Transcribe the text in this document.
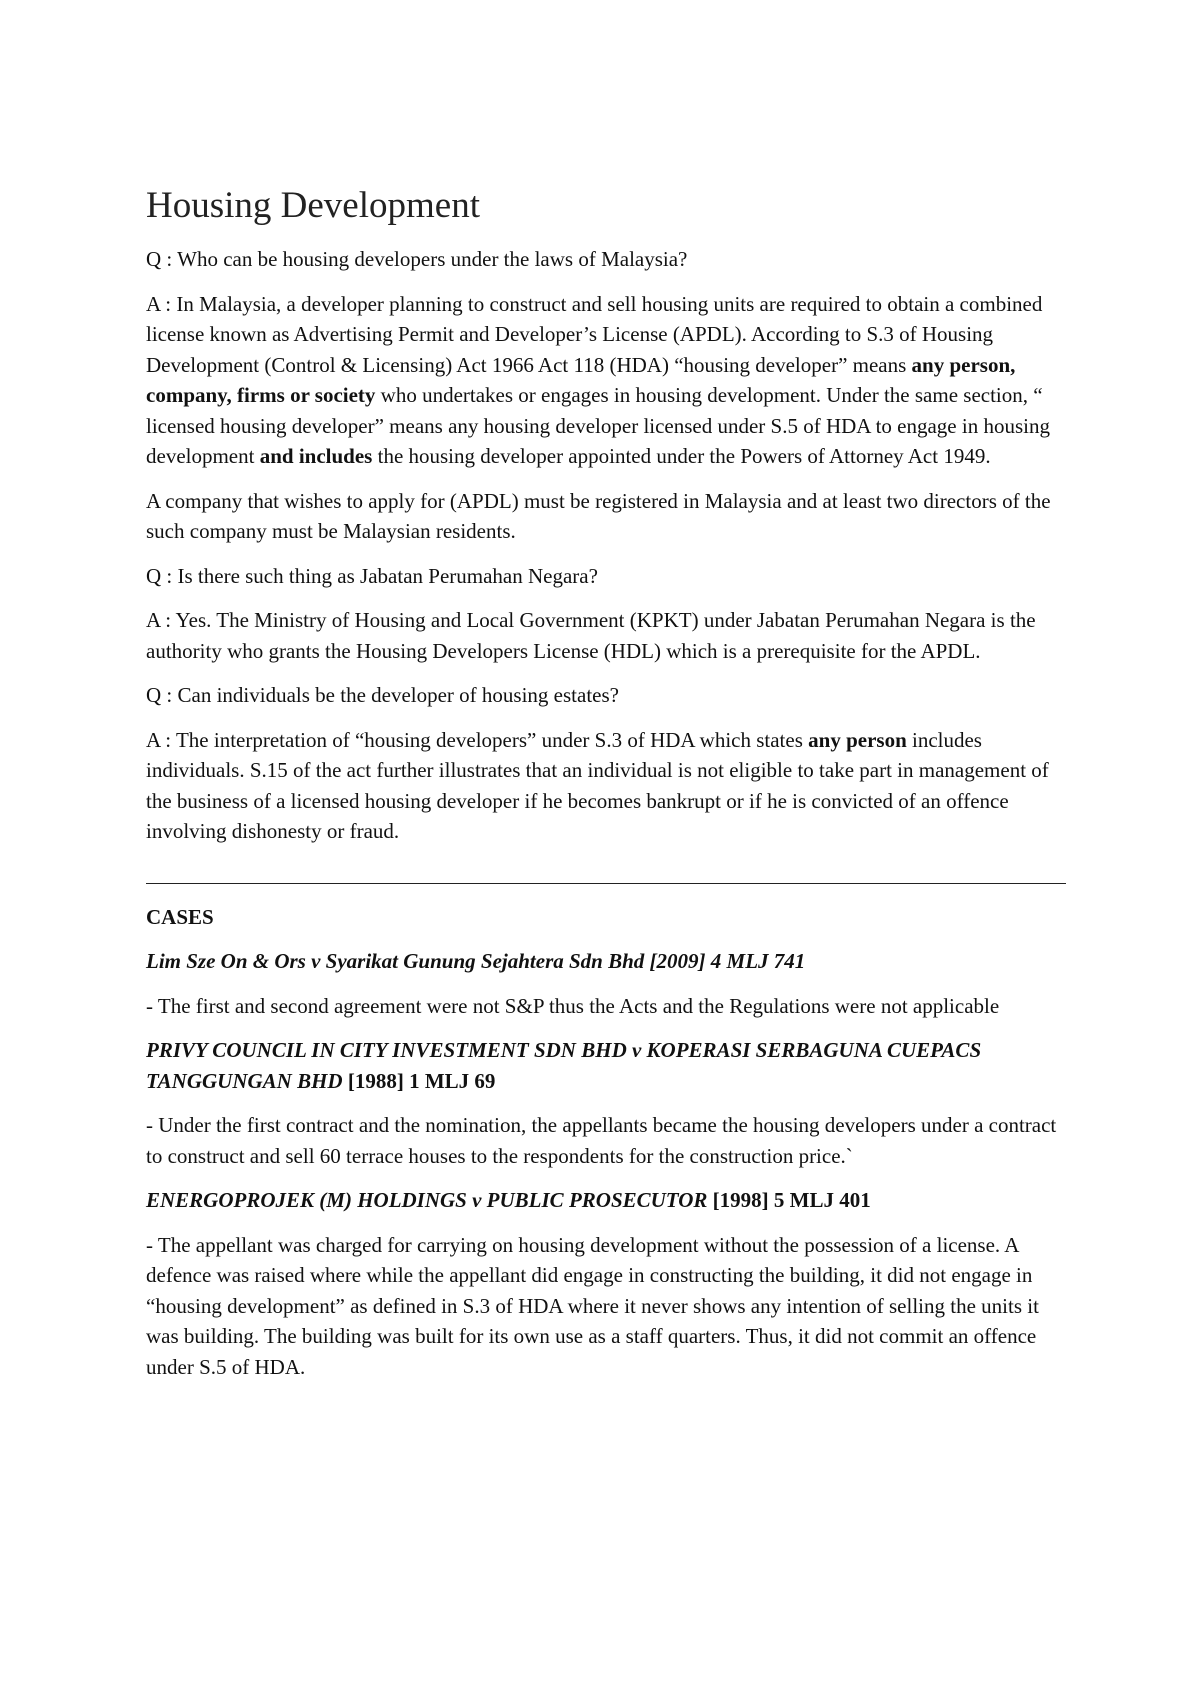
Housing Development

Q : Who can be housing developers under the laws of Malaysia?

A : In Malaysia, a developer planning to construct and sell housing units are required to obtain a combined license known as Advertising Permit and Developer’s License (APDL). According to S.3 of Housing Development (Control & Licensing) Act 1966 Act 118 (HDA) “housing developer” means any person, company, firms or society who undertakes or engages in housing development. Under the same section, “ licensed housing developer” means any housing developer licensed under S.5 of HDA to engage in housing development and includes the housing developer appointed under the Powers of Attorney Act 1949.

A company that wishes to apply for (APDL) must be registered in Malaysia and at least two directors of the such company must be Malaysian residents.

Q : Is there such thing as Jabatan Perumahan Negara?

A : Yes. The Ministry of Housing and Local Government (KPKT) under Jabatan Perumahan Negara is the authority who grants the Housing Developers License (HDL) which is a prerequisite for the APDL.

Q : Can individuals be the developer of housing estates?

A : The interpretation of “housing developers” under S.3 of HDA which states any person includes individuals. S.15 of the act further illustrates that an individual is not eligible to take part in management of the business of a licensed housing developer if he becomes bankrupt or if he is convicted of an offence involving dishonesty or fraud.

CASES

Lim Sze On & Ors v Syarikat Gunung Sejahtera Sdn Bhd [2009] 4 MLJ 741

- The first and second agreement were not S&P thus the Acts and the Regulations were not applicable

PRIVY COUNCIL IN CITY INVESTMENT SDN BHD v KOPERASI SERBAGUNA CUEPACS TANGGUNGAN BHD [1988] 1 MLJ 69

- Under the first contract and the nomination, the appellants became the housing developers under a contract to construct and sell 60 terrace houses to the respondents for the construction price.`

ENERGOPROJEK (M) HOLDINGS v PUBLIC PROSECUTOR [1998] 5 MLJ 401

- The appellant was charged for carrying on housing development without the possession of a license. A defence was raised where while the appellant did engage in constructing the building, it did not engage in “housing development” as defined in S.3 of HDA where it never shows any intention of selling the units it was building. The building was built for its own use as a staff quarters. Thus, it did not commit an offence under S.5 of HDA.
